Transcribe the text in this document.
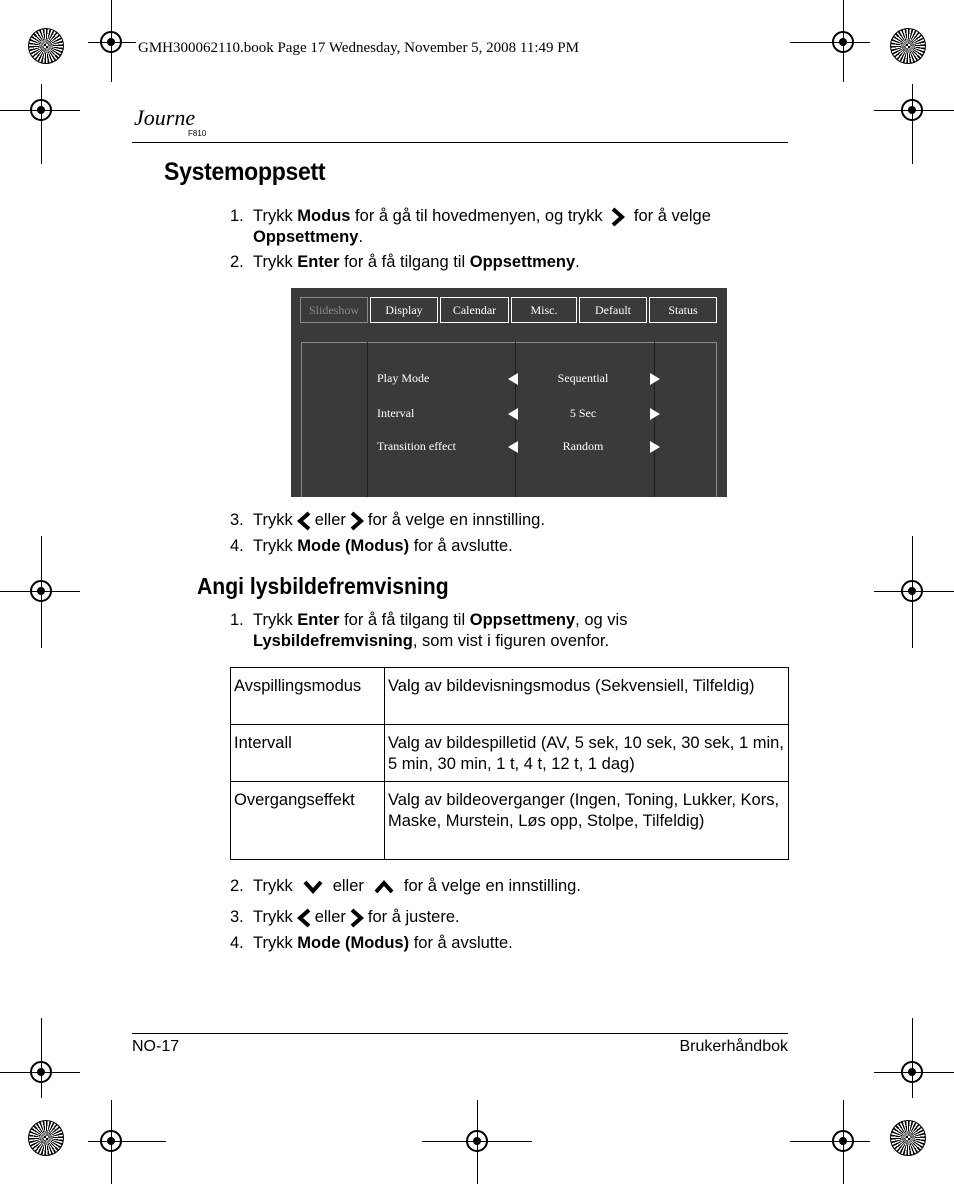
GMH300062110.book Page 17 Wednesday, November 5, 2008 11:49 PM
Journe
F810
Systemoppsett
1. Trykk Modus for å gå til hovedmenyen, og trykk  for å velge
Oppsettmeny.
2. Trykk Enter for å få tilgang til Oppsettmeny.
Slideshow	Display	Calendar	Misc.	Default	Status
Play Mode	Sequential
Interval	5 Sec
Transition effect	Random
3. Trykk eller for å velge en innstilling.
4. Trykk Mode (Modus) for å avslutte.
Angi lysbildefremvisning
1. Trykk Enter for å få tilgang til Oppsettmeny, og vis
Lysbildefremvisning, som vist i figuren ovenfor.
Avspillingsmodus	Valg av bildevisningsmodus (Sekvensiell, Tilfeldig)
Intervall	Valg av bildespilletid (AV, 5 sek, 10 sek, 30 sek, 1 min, 5 min, 30 min, 1 t, 4 t, 12 t, 1 dag)
Overgangseffekt	Valg av bildeoverganger (Ingen, Toning, Lukker, Kors, Maske, Murstein, Løs opp, Stolpe, Tilfeldig)
2. Trykk eller for å velge en innstilling.
3. Trykk eller for å justere.
4. Trykk Mode (Modus) for å avslutte.
NO-17	Brukerhåndbok
